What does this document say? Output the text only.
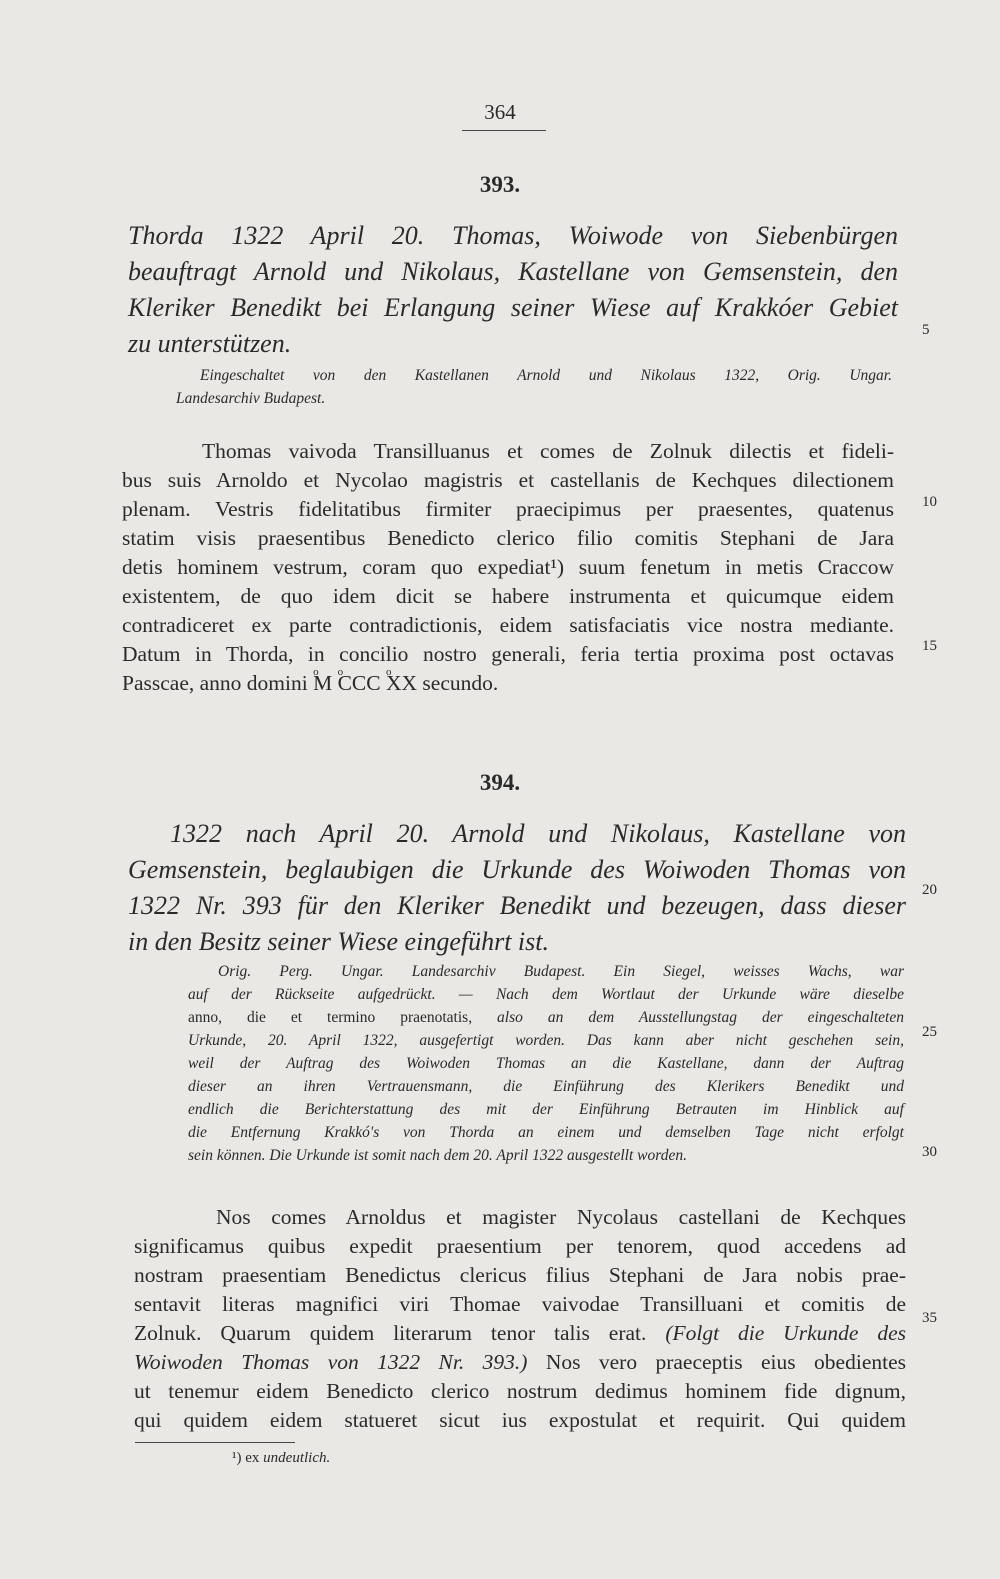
364
393.
Thorda 1322 April 20. Thomas, Woiwode von Siebenbürgen
beauftragt Arnold und Nikolaus, Kastellane von Gemsenstein, den
Kleriker Benedikt bei Erlangung seiner Wiese auf Krakkóer Gebiet
zu unterstützen.
Eingeschaltet von den Kastellanen Arnold und Nikolaus 1322, Orig. Ungar.
Landesarchiv Budapest.
Thomas vaivoda Transilluanus et comes de Zolnuk dilectis et fideli-
bus suis Arnoldo et Nycolao magistris et castellanis de Kechques dilectionem
plenam. Vestris fidelitatibus firmiter praecipimus per praesentes, quatenus
statim visis praesentibus Benedicto clerico filio comitis Stephani de Jara
detis hominem vestrum, coram quo expediat¹) suum fenetum in metis Craccow
existentem, de quo idem dicit se habere instrumenta et quicumque eidem
contradiceret ex parte contradictionis, eidem satisfaciatis vice nostra mediante.
Datum in Thorda, in concilio nostro generali, feria tertia proxima post octavas
Passcae, anno domini o M o CCC o XX secundo.
394.
1322 nach April 20. Arnold und Nikolaus, Kastellane von
Gemsenstein, beglaubigen die Urkunde des Woiwoden Thomas von
1322 Nr. 393 für den Kleriker Benedikt und bezeugen, dass dieser
in den Besitz seiner Wiese eingeführt ist.
Orig. Perg. Ungar. Landesarchiv Budapest. Ein Siegel, weisses Wachs, war
auf der Rückseite aufgedrückt. — Nach dem Wortlaut der Urkunde wäre dieselbe
anno, die et termino praenotatis, also an dem Ausstellungstag der eingeschalteten
Urkunde, 20. April 1322, ausgefertigt worden. Das kann aber nicht geschehen sein,
weil der Auftrag des Woiwoden Thomas an die Kastellane, dann der Auftrag
dieser an ihren Vertrauensmann, die Einführung des Klerikers Benedikt und
endlich die Berichterstattung des mit der Einführung Betrauten im Hinblick auf
die Entfernung Krakkó's von Thorda an einem und demselben Tage nicht erfolgt
sein können. Die Urkunde ist somit nach dem 20. April 1322 ausgestellt worden.
Nos comes Arnoldus et magister Nycolaus castellani de Kechques
significamus quibus expedit praesentium per tenorem, quod accedens ad
nostram praesentiam Benedictus clericus filius Stephani de Jara nobis prae-
sentavit literas magnifici viri Thomae vaivodae Transilluani et comitis de
Zolnuk. Quarum quidem literarum tenor talis erat. (Folgt die Urkunde des
Woiwoden Thomas von 1322 Nr. 393.) Nos vero praeceptis eius obedientes
ut tenemur eidem Benedicto clerico nostrum dedimus hominem fide dignum,
qui quidem eidem statueret sicut ius expostulat et requirit. Qui quidem
5
10
15
20
25
30
35
¹) ex undeutlich.
